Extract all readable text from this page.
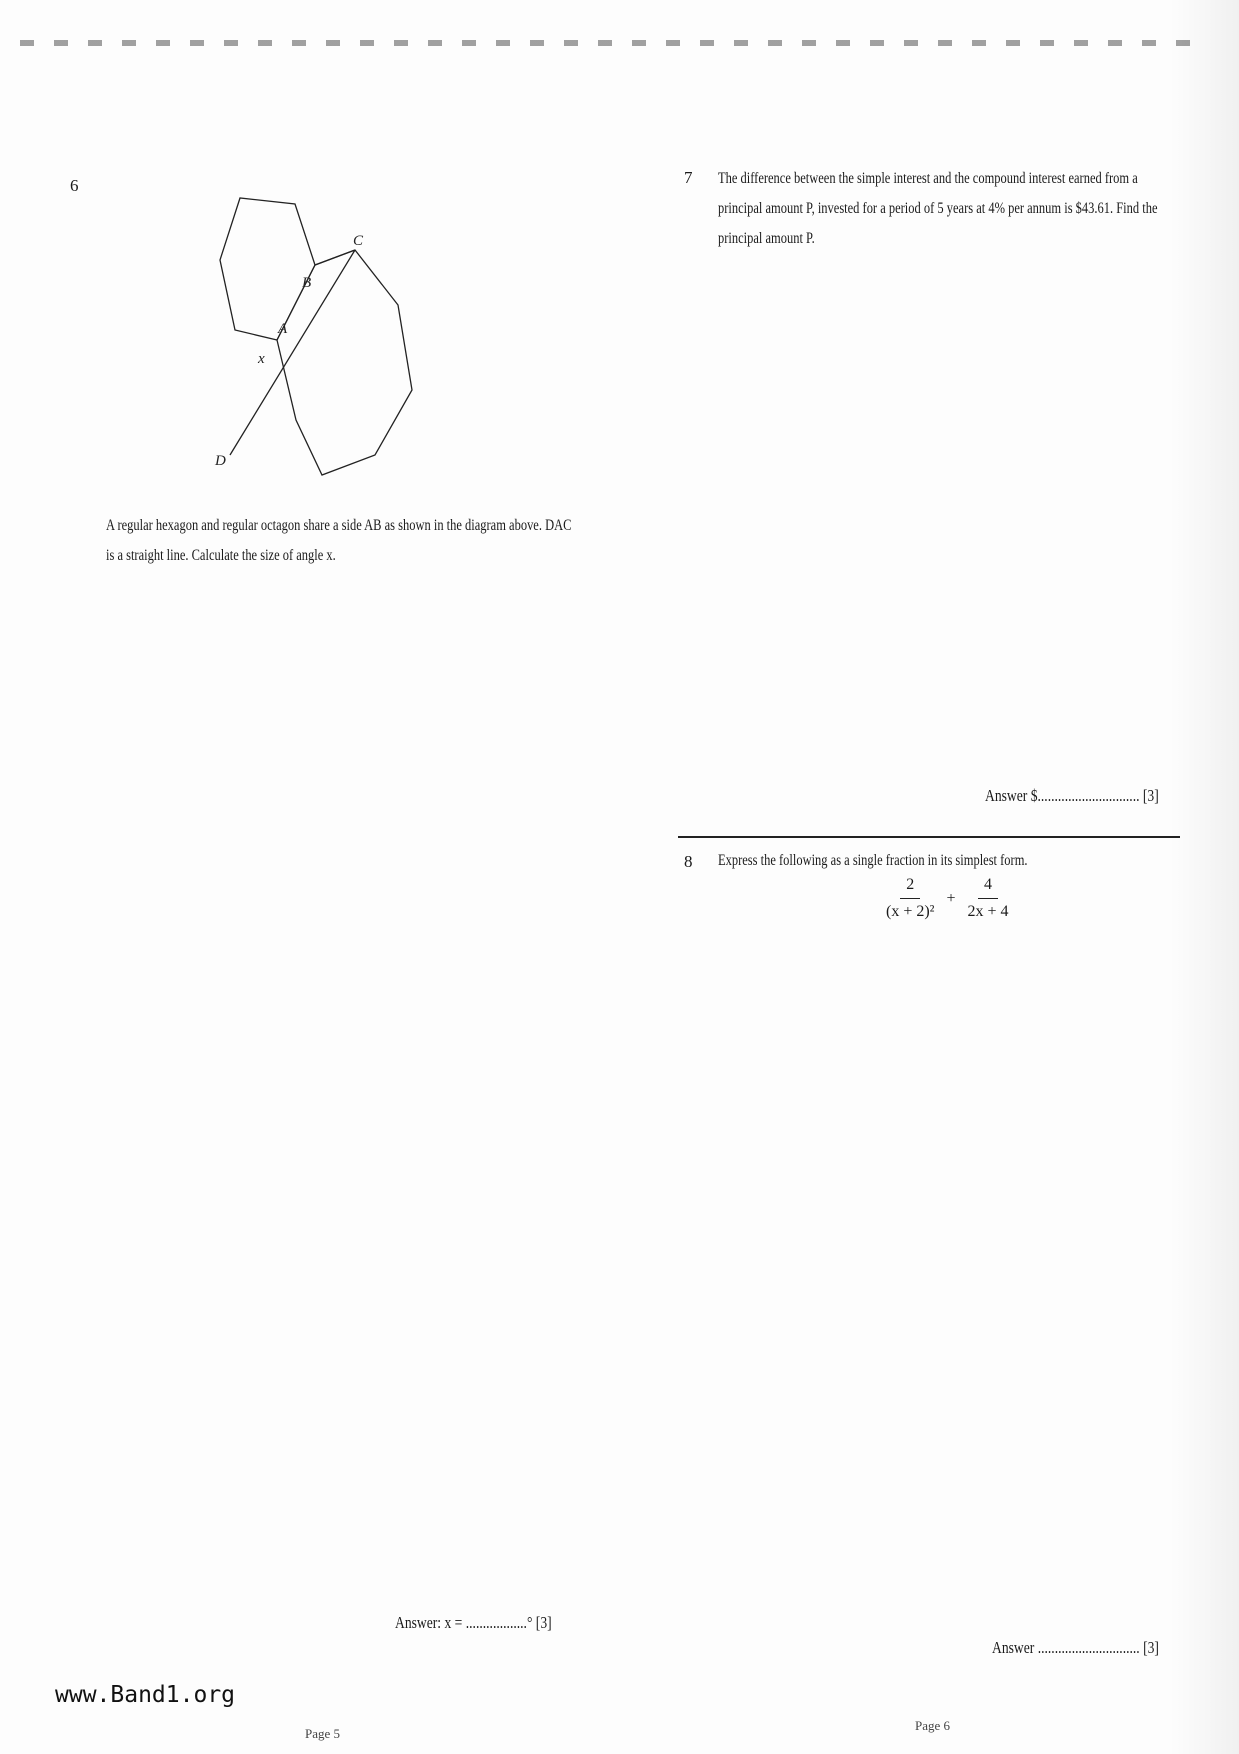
6
A
B
C
D
x
A regular hexagon and regular octagon share a side AB as shown in the diagram above. DAC
is a straight line. Calculate the size of angle x.
Answer: x = ..................° [3]
7 The difference between the simple interest and the compound interest earned from a
principal amount P, invested for a period of 5 years at 4% per annum is $43.61. Find the
principal amount P.
Answer $.............................. [3]
8 Express the following as a single fraction in its simplest form.
$\frac{2}{\text{(x + 2)²}} + \frac{4}{2x + 4}$
Answer .............................. [3]
www.Band1.org
Page 5
Page 6
